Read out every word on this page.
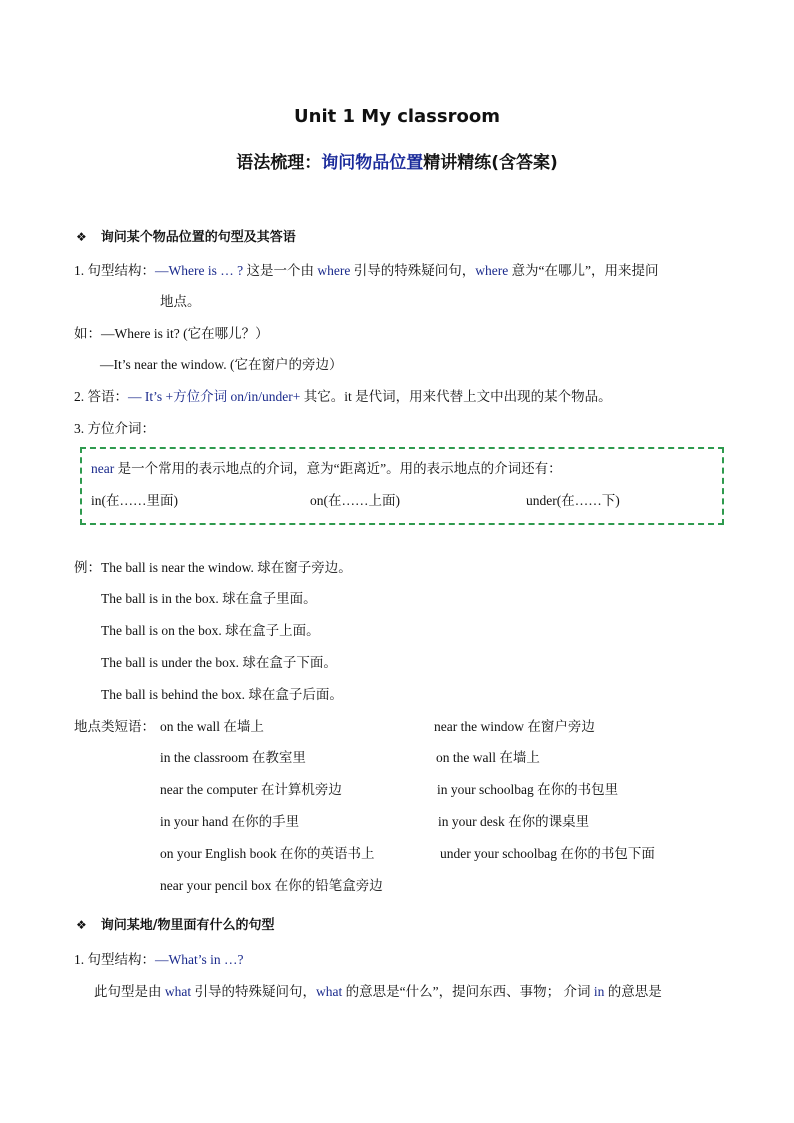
Unit 1 My classroom
语法梳理：询问物品位置精讲精练(含答案)
❖ 询问某个物品位置的句型及其答语
1. 句型结构：—Where is … ? 这是一个由 where 引导的特殊疑问句，where 意为“在哪儿”，用来提问
地点。
如：—Where is it? (它在哪儿？）
—It’s near the window. (它在窗户的旁边）
2. 答语：— It’s +方位介词 on/in/under+ 其它。it 是代词，用来代替上文中出现的某个物品。
3. 方位介词：
near 是一个常用的表示地点的介词，意为“距离近”。用的表示地点的介词还有：
in(在……里面)	on(在……上面)	under(在……下)
例： The ball is near the window. 球在窗子旁边。
The ball is in the box. 球在盒子里面。
The ball is on the box. 球在盒子上面。
The ball is under the box. 球在盒子下面。
The ball is behind the box. 球在盒子后面。
地点类短语： on the wall 在墙上
in the classroom 在教室里
near the computer 在计算机旁边
in your hand 在你的手里
on your English book 在你的英语书上
near your pencil box 在你的铅笔盒旁边
near the window 在窗户旁边
on the wall 在墙上
in your schoolbag 在你的书包里
in your desk 在你的课桌里
under your schoolbag 在你的书包下面
❖ 询问某地/物里面有什么的句型
1. 句型结构：—What’s in …?
此句型是由 what 引导的特殊疑问句，what 的意思是“什么”，提问东西、事物； 介词 in 的意思是
